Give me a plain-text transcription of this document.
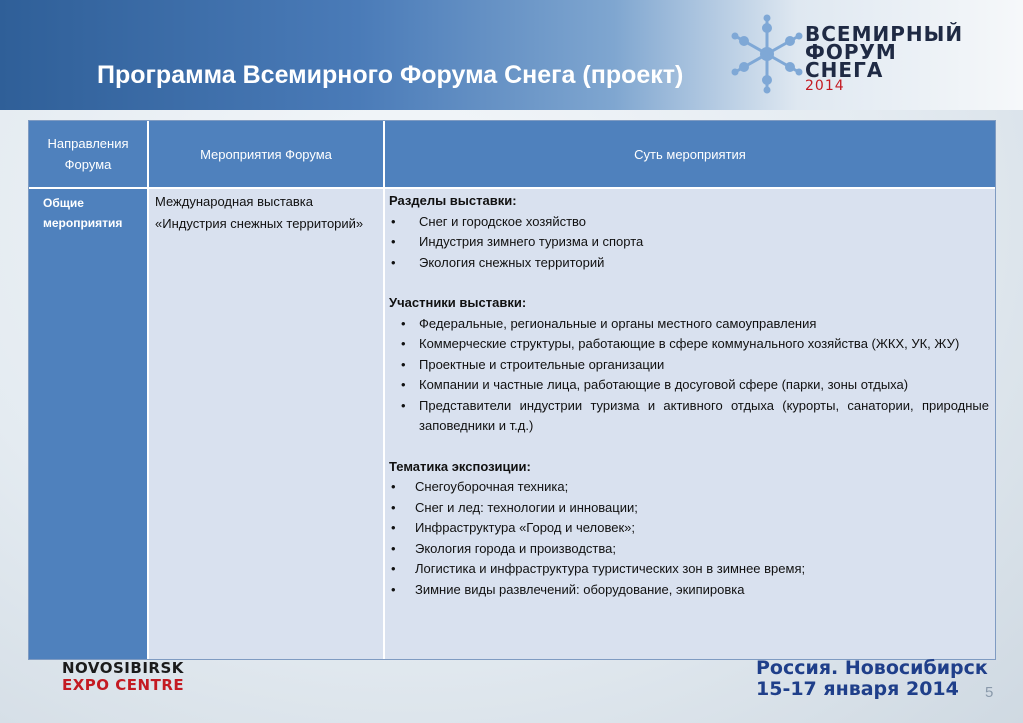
Программа Всемирного Форума Снега (проект)
ВСЕМИРНЫЙ
ФОРУМ
СНЕГА
2014
Направления Форума
Мероприятия Форума	Суть мероприятия
Общие мероприятия
Международная выставка «Индустрия снежных территорий»
Разделы выставки:
• Снег и городское хозяйство
• Индустрия зимнего туризма и спорта
• Экология снежных территорий
Участники выставки:
• Федеральные, региональные и органы местного самоуправления
• Коммерческие структуры, работающие в сфере коммунального хозяйства (ЖКХ, УК, ЖУ)
• Проектные и строительные организации
• Компании и частные лица, работающие в досуговой сфере (парки, зоны отдыха)
• Представители индустрии туризма и активного отдыха (курорты, санатории, природные заповедники и т.д.)
Тематика экспозиции:
• Снегоуборочная техника;
• Снег и лед: технологии и инновации;
• Инфраструктура «Город и человек»;
• Экология города и производства;
• Логистика и инфраструктура туристических зон в зимнее время;
• Зимние виды развлечений: оборудование, экипировка
NOVOSIBIRSK
EXPO CENTRE
Россия. Новосибирск
15-17 января 2014	5
